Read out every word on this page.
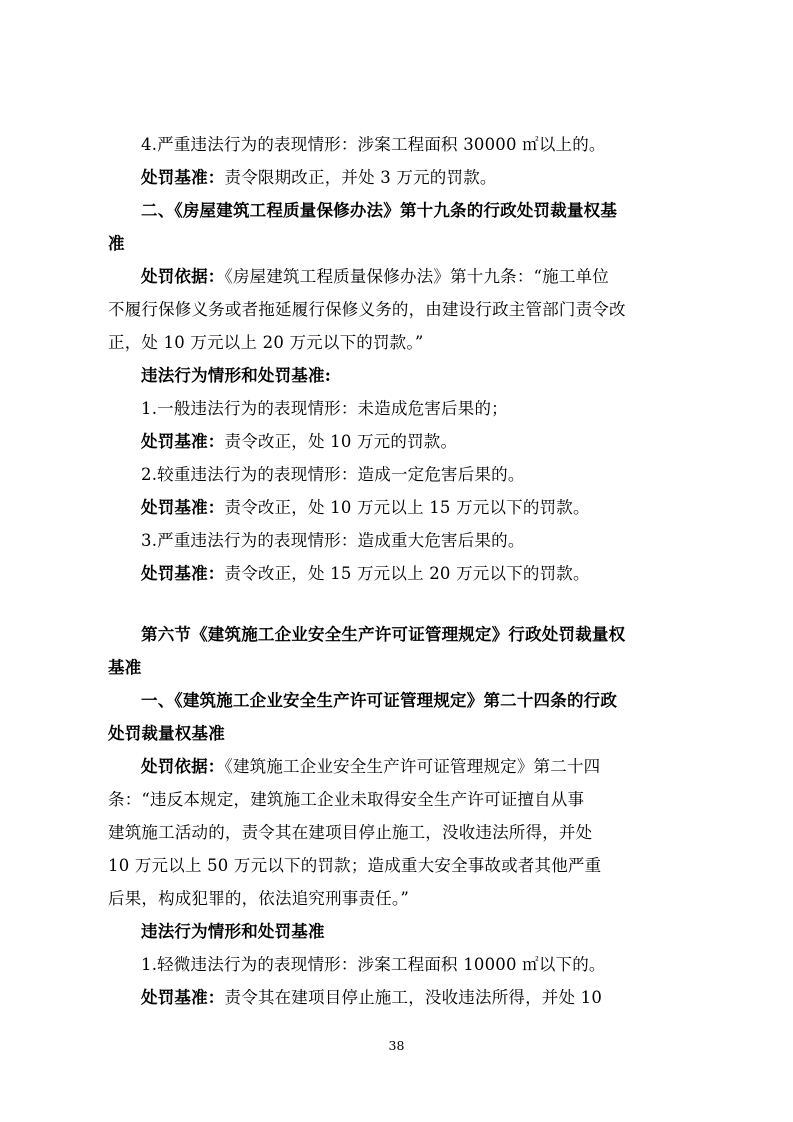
4.严重违法行为的表现情形：涉案工程面积 30000 ㎡以上的。
处罚基准：责令限期改正，并处 3 万元的罚款。
二、《房屋建筑工程质量保修办法》第十九条的行政处罚裁量权基
准
处罚依据：《房屋建筑工程质量保修办法》第十九条：“施工单位
不履行保修义务或者拖延履行保修义务的，由建设行政主管部门责令改
正，处 10 万元以上 20 万元以下的罚款。”
违法行为情形和处罚基准:
1.一般违法行为的表现情形：未造成危害后果的；
处罚基准：责令改正，处 10 万元的罚款。
2.较重违法行为的表现情形：造成一定危害后果的。
处罚基准：责令改正，处 10 万元以上 15 万元以下的罚款。
3.严重违法行为的表现情形：造成重大危害后果的。
处罚基准：责令改正，处 15 万元以上 20 万元以下的罚款。
第六节《建筑施工企业安全生产许可证管理规定》行政处罚裁量权
基准
一、《建筑施工企业安全生产许可证管理规定》第二十四条的行政
处罚裁量权基准
处罚依据：《建筑施工企业安全生产许可证管理规定》第二十四
条：“违反本规定，建筑施工企业未取得安全生产许可证擅自从事
建筑施工活动的，责令其在建项目停止施工，没收违法所得，并处
10 万元以上 50 万元以下的罚款；造成重大安全事故或者其他严重
后果，构成犯罪的，依法追究刑事责任。”
违法行为情形和处罚基准
1.轻微违法行为的表现情形：涉案工程面积 10000 ㎡以下的。
处罚基准：责令其在建项目停止施工，没收违法所得，并处 10
38
